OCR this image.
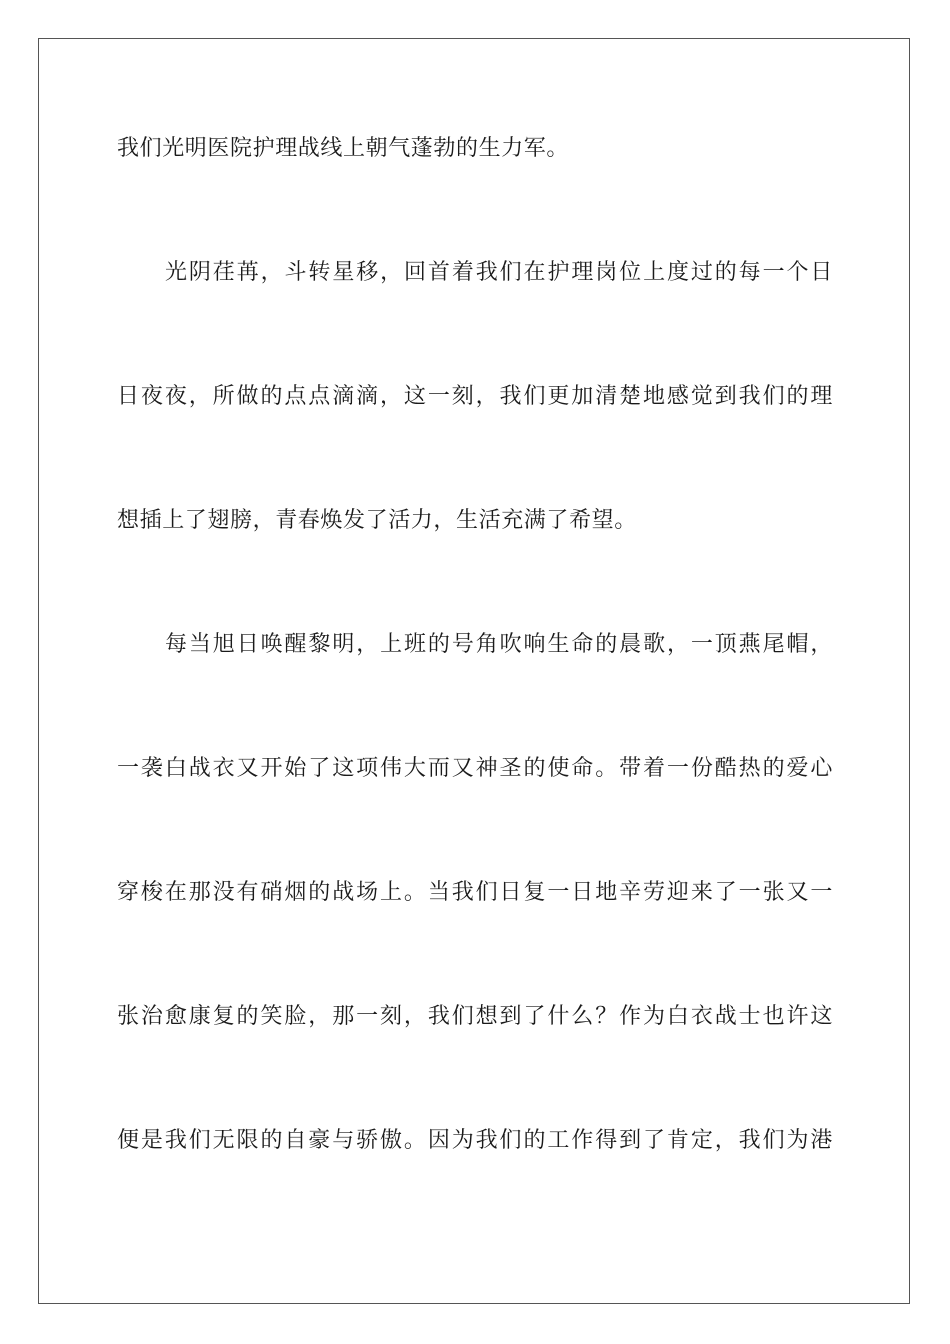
我们光明医院护理战线上朝气蓬勃的生力军。
光阴荏苒，斗转星移，回首着我们在护理岗位上度过的每一个日
日夜夜，所做的点点滴滴，这一刻，我们更加清楚地感觉到我们的理
想插上了翅膀，青春焕发了活力，生活充满了希望。
每当旭日唤醒黎明，上班的号角吹响生命的晨歌，一顶燕尾帽，
一袭白战衣又开始了这项伟大而又神圣的使命。带着一份酷热的爱心
穿梭在那没有硝烟的战场上。当我们日复一日地辛劳迎来了一张又一
张治愈康复的笑脸，那一刻，我们想到了什么？作为白衣战士也许这
便是我们无限的自豪与骄傲。因为我们的工作得到了肯定，我们为港
